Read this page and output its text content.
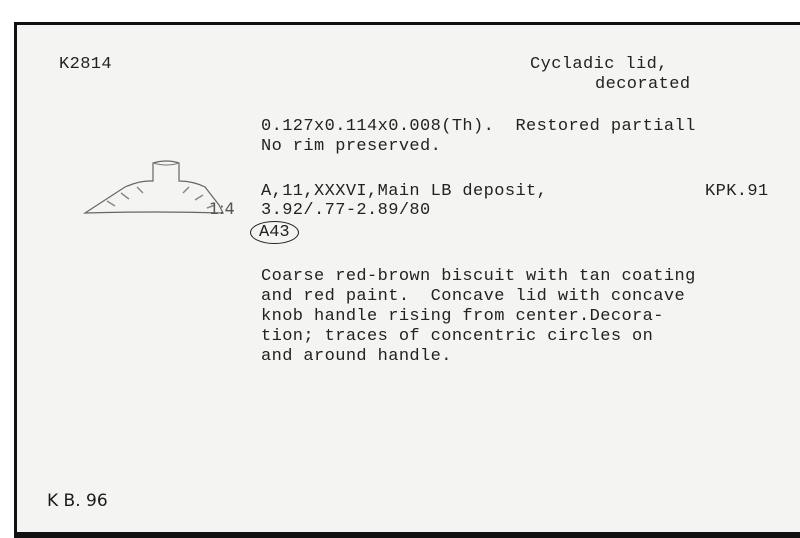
K2814	Cycladic lid,
decorated
0.127x0.114x0.008(Th).  Restored partiall
No rim preserved.
A,11,XXXVI,Main LB deposit,	KPK.91
3.92/.77-2.89/80
1:4
A43
Coarse red-brown biscuit with tan coating
and red paint.  Concave lid with concave
knob handle rising from center.Decora-
tion; traces of concentric circles on
and around handle.
K B. 96
